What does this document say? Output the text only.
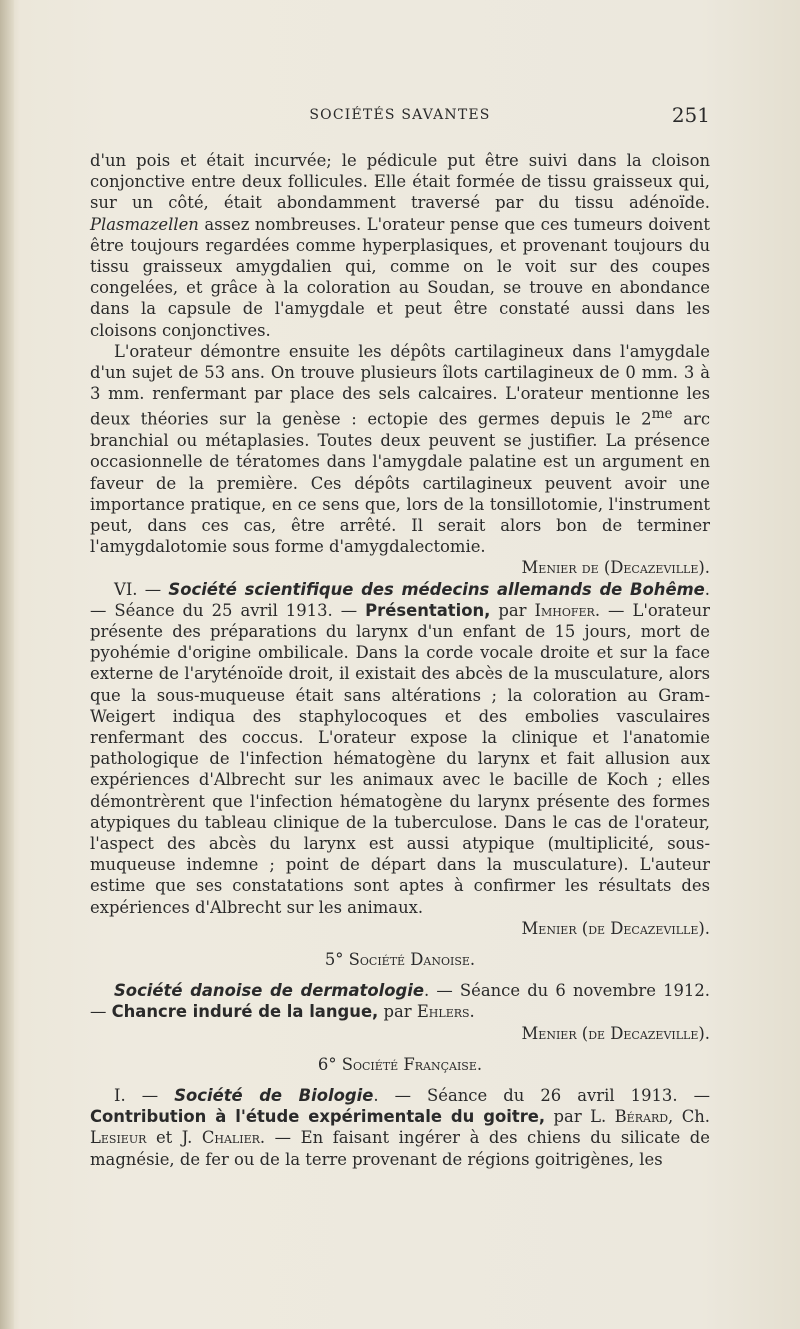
SOCIÉTÉS SAVANTES	251

d'un pois et était incurvée; le pédicule put être suivi dans la cloison conjonctive entre deux follicules. Elle était formée de tissu graisseux qui, sur un côté, était abondamment traversé par du tissu adénoïde. Plasmazellen assez nombreuses. L'orateur pense que ces tumeurs doivent être toujours regardées comme hyperplasiques, et provenant toujours du tissu graisseux amygdalien qui, comme on le voit sur des coupes congelées, et grâce à la coloration au Soudan, se trouve en abondance dans la capsule de l'amygdale et peut être constaté aussi dans les cloisons conjonctives.

L'orateur démontre ensuite les dépôts cartilagineux dans l'amygdale d'un sujet de 53 ans. On trouve plusieurs îlots cartilagineux de 0 mm. 3 à 3 mm. renfermant par place des sels calcaires. L'orateur mentionne les deux théories sur la genèse : ectopie des germes depuis le $2^{me}$ arc branchial ou métaplasies. Toutes deux peuvent se justifier. La présence occasionnelle de tératomes dans l'amygdale palatine est un argument en faveur de la première. Ces dépôts cartilagineux peuvent avoir une importance pratique, en ce sens que, lors de la tonsillotomie, l'instrument peut, dans ces cas, être arrêté. Il serait alors bon de terminer l'amygdalotomie sous forme d'amygdalectomie.

Menier de (Decazeville).

VI. — Société scientifique des médecins allemands de Bohême. — Séance du 25 avril 1913. — Présentation, par Imhofer. — L'orateur présente des préparations du larynx d'un enfant de 15 jours, mort de pyohémie d'origine ombilicale. Dans la corde vocale droite et sur la face externe de l'aryténoïde droit, il existait des abcès de la musculature, alors que la sous-muqueuse était sans altérations ; la coloration au Gram-Weigert indiqua des staphylocoques et des embolies vasculaires renfermant des coccus. L'orateur expose la clinique et l'anatomie pathologique de l'infection hématogène du larynx et fait allusion aux expériences d'Albrecht sur les animaux avec le bacille de Koch ; elles démontrèrent que l'infection hématogène du larynx présente des formes atypiques du tableau clinique de la tuberculose. Dans le cas de l'orateur, l'aspect des abcès du larynx est aussi atypique (multiplicité, sous-muqueuse indemne ; point de départ dans la musculature). L'auteur estime que ses constatations sont aptes à confirmer les résultats des expériences d'Albrecht sur les animaux.

Menier (de Decazeville).

5° Société Danoise.

Société danoise de dermatologie. — Séance du 6 novembre 1912. — Chancre induré de la langue, par Ehlers.

Menier (de Decazeville).

6° Société Française.

I. — Société de Biologie. — Séance du 26 avril 1913. — Contribution à l'étude expérimentale du goitre, par L. Bérard, Ch. Lesieur et J. Chalier. — En faisant ingérer à des chiens du silicate de magnésie, de fer ou de la terre provenant de régions goitrigènes, les
